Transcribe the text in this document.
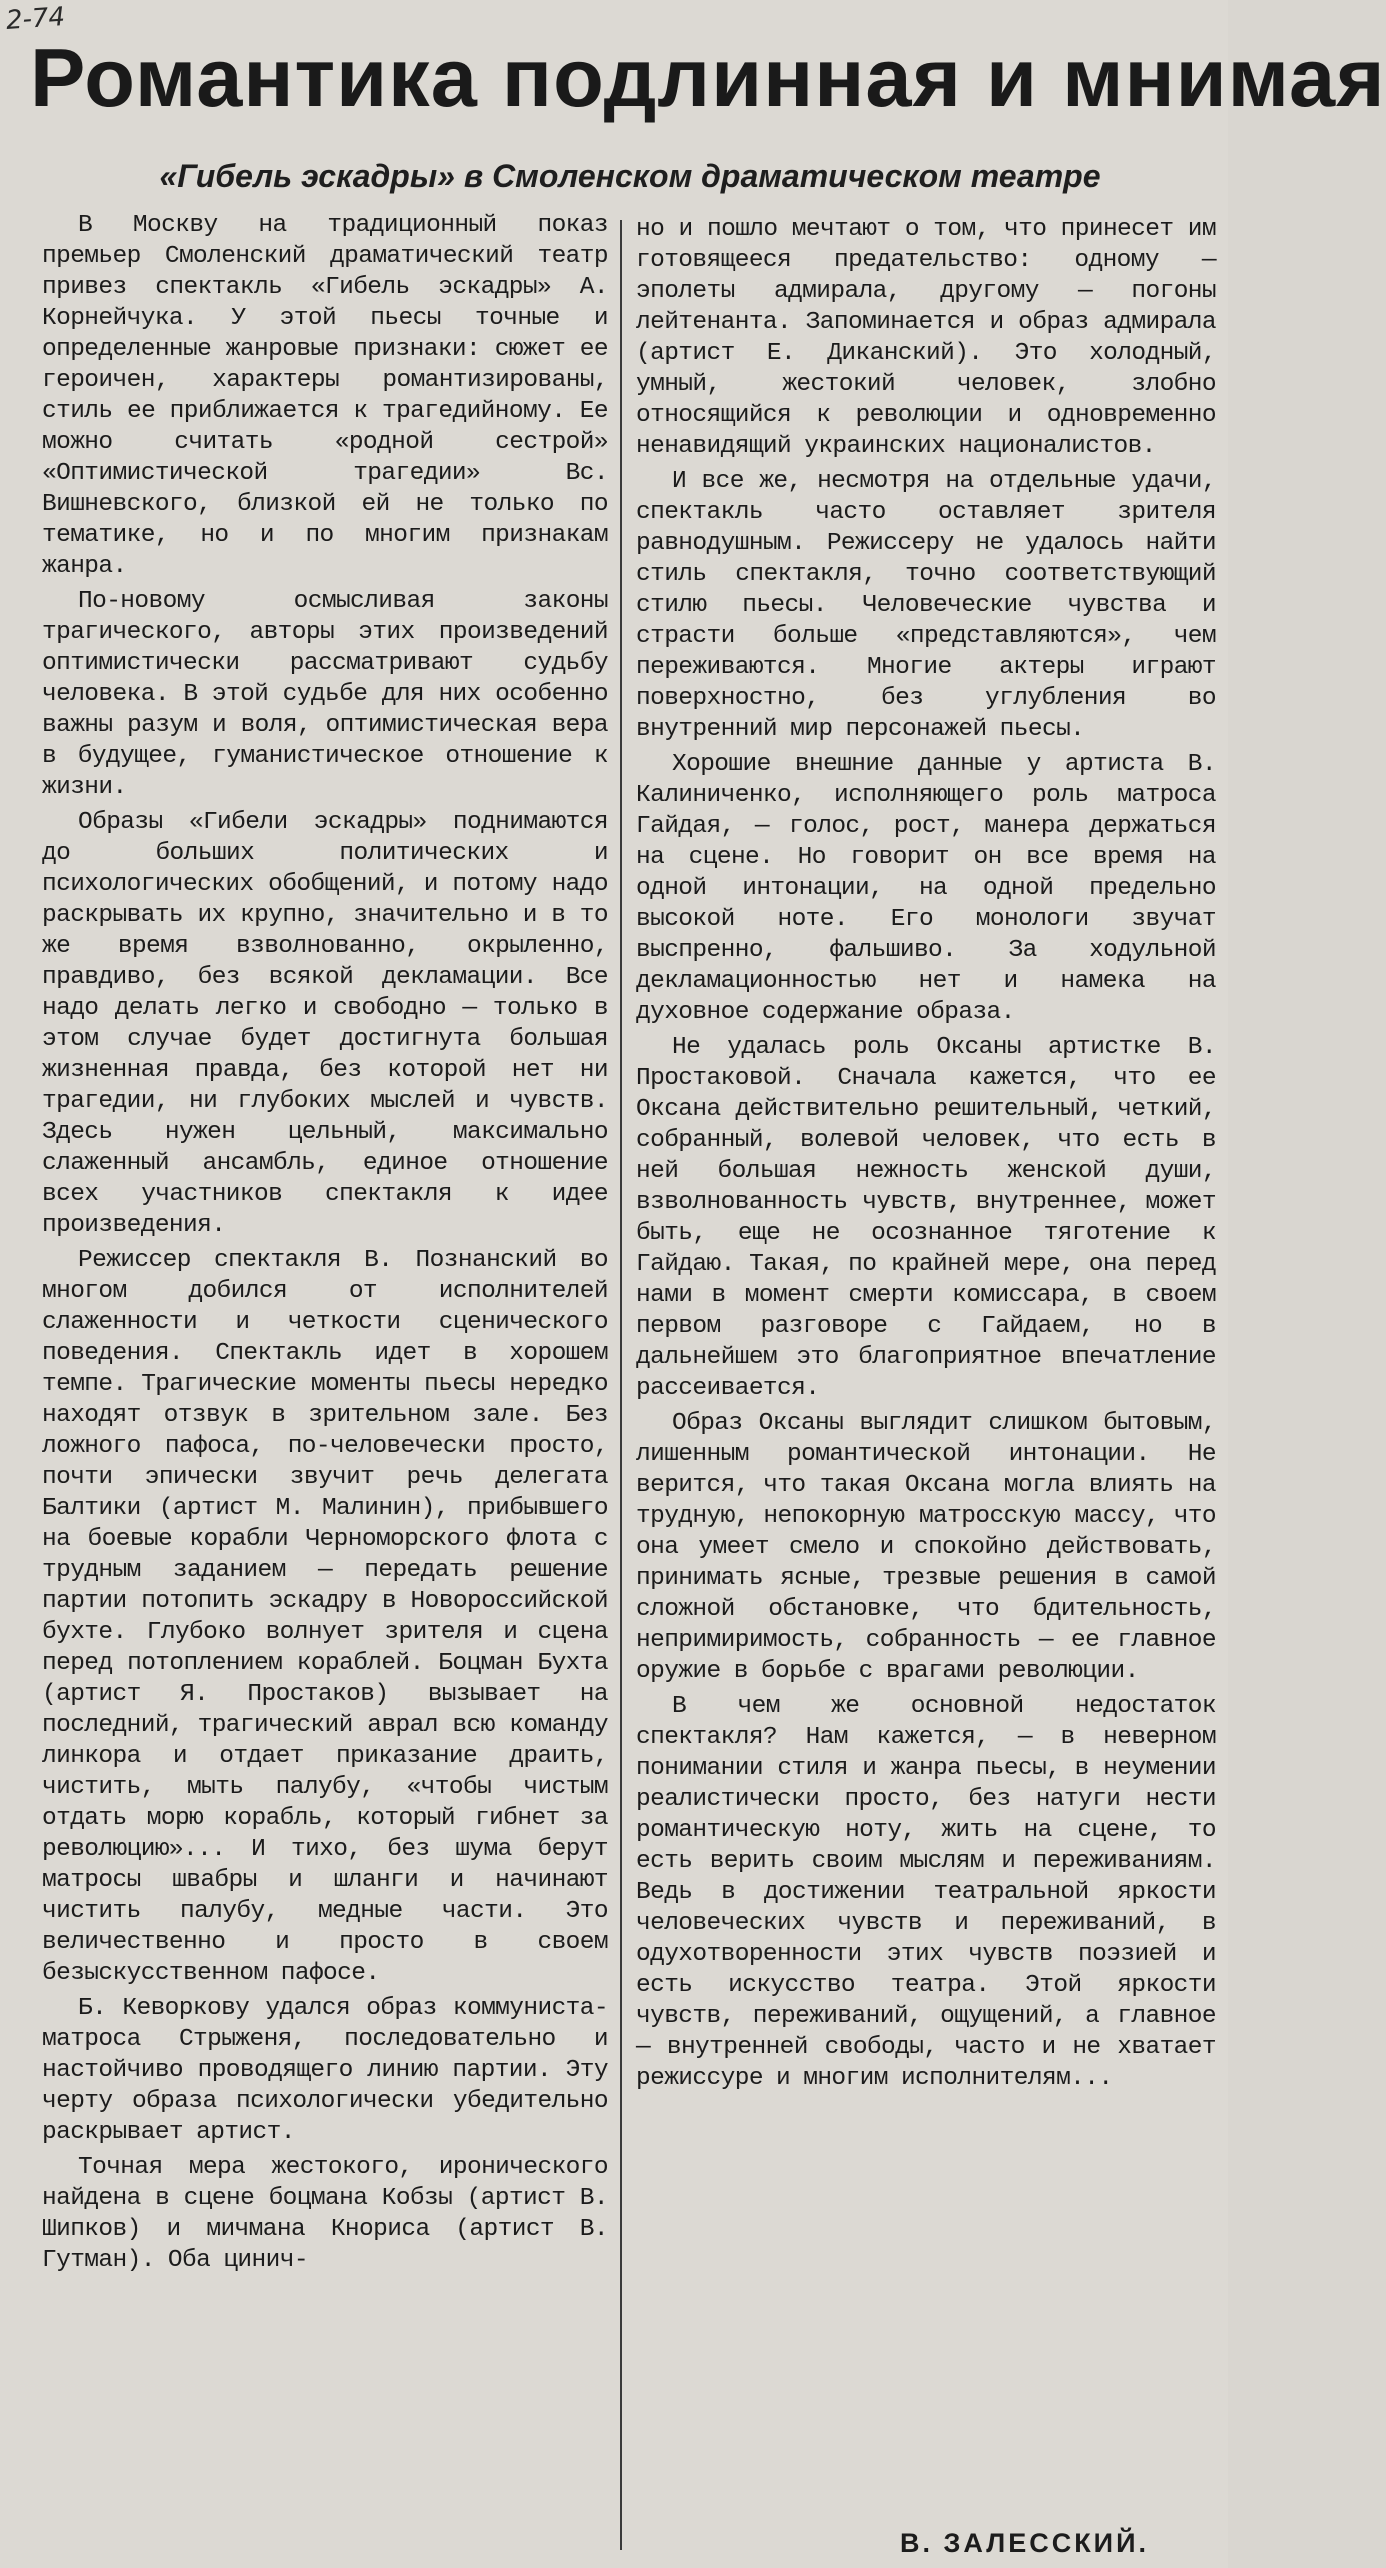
2-74
Романтика подлинная и мнимая
«Гибель эскадры» в Смоленском драматическом театре

В Москву на традиционный показ премьер Смоленский драматический театр привез спектакль «Гибель эскадры» А. Корнейчука. У этой пьесы точные и определенные жанровые признаки: сюжет ее героичен, характеры романтизированы, стиль ее приближается к трагедийному. Ее можно считать «родной сестрой» «Оптимистической трагедии» Вс. Вишневского, близкой ей не только по тематике, но и по многим признакам жанра.

По-новому осмысливая законы трагического, авторы этих произведений оптимистически рассматривают судьбу человека. В этой судьбе для них особенно важны разум и воля, оптимистическая вера в будущее, гуманистическое отношение к жизни.

Образы «Гибели эскадры» поднимаются до больших политических и психологических обобщений, и потому надо раскрывать их крупно, значительно и в то же время взволнованно, окрыленно, правдиво, без всякой декламации. Все надо делать легко и свободно — только в этом случае будет достигнута большая жизненная правда, без которой нет ни трагедии, ни глубоких мыслей и чувств. Здесь нужен цельный, максимально слаженный ансамбль, единое отношение всех участников спектакля к идее произведения.

Режиссер спектакля В. Познанский во многом добился от исполнителей слаженности и четкости сценического поведения. Спектакль идет в хорошем темпе. Трагические моменты пьесы нередко находят отзвук в зрительном зале. Без ложного пафоса, по-человечески просто, почти эпически звучит речь делегата Балтики (артист М. Малинин), прибывшего на боевые корабли Черноморского флота с трудным заданием — передать решение партии потопить эскадру в Новороссийской бухте. Глубоко волнует зрителя и сцена перед потоплением кораблей. Боцман Бухта (артист Я. Простаков) вызывает на последний, трагический аврал всю команду линкора и отдает приказание драить, чистить, мыть палубу, «чтобы чистым отдать морю корабль, который гибнет за революцию»... И тихо, без шума берут матросы швабры и шланги и начинают чистить палубу, медные части. Это величественно и просто в своем безыскусственном пафосе.

Б. Кеворкову удался образ коммуниста-матроса Стрыженя, последовательно и настойчиво проводящего линию партии. Эту черту образа психологически убедительно раскрывает артист.

Точная мера жестокого, иронического найдена в сцене боцмана Кобзы (артист В. Шипков) и мичмана Кнориса (артист В. Гутман). Оба цинич-

но и пошло мечтают о том, что принесет им готовящееся предательство: одному — эполеты адмирала, другому — погоны лейтенанта. Запоминается и образ адмирала (артист Е. Диканский). Это холодный, умный, жестокий человек, злобно относящийся к революции и одновременно ненавидящий украинских националистов.

И все же, несмотря на отдельные удачи, спектакль часто оставляет зрителя равнодушным. Режиссеру не удалось найти стиль спектакля, точно соответствующий стилю пьесы. Человеческие чувства и страсти больше «представляются», чем переживаются. Многие актеры играют поверхностно, без углубления во внутренний мир персонажей пьесы.

Хорошие внешние данные у артиста В. Калиниченко, исполняющего роль матроса Гайдая, — голос, рост, манера держаться на сцене. Но говорит он все время на одной интонации, на одной предельно высокой ноте. Его монологи звучат выспренно, фальшиво. За ходульной декламационностью нет и намека на духовное содержание образа.

Не удалась роль Оксаны артистке В. Простаковой. Сначала кажется, что ее Оксана действительно решительный, четкий, собранный, волевой человек, что есть в ней большая нежность женской души, взволнованность чувств, внутреннее, может быть, еще не осознанное тяготение к Гайдаю. Такая, по крайней мере, она перед нами в момент смерти комиссара, в своем первом разговоре с Гайдаем, но в дальнейшем это благоприятное впечатление рассеивается.

Образ Оксаны выглядит слишком бытовым, лишенным романтической интонации. Не верится, что такая Оксана могла влиять на трудную, непокорную матросскую массу, что она умеет смело и спокойно действовать, принимать ясные, трезвые решения в самой сложной обстановке, что бдительность, непримиримость, собранность — ее главное оружие в борьбе с врагами революции.

В чем же основной недостаток спектакля? Нам кажется, — в неверном понимании стиля и жанра пьесы, в неумении реалистически просто, без натуги нести романтическую ноту, жить на сцене, то есть верить своим мыслям и переживаниям. Ведь в достижении театральной яркости человеческих чувств и переживаний, в одухотворенности этих чувств поэзией и есть искусство театра. Этой яркости чувств, переживаний, ощущений, а главное — внутренней свободы, часто и не хватает режиссуре и многим исполнителям...

В. ЗАЛЕССКИЙ.
